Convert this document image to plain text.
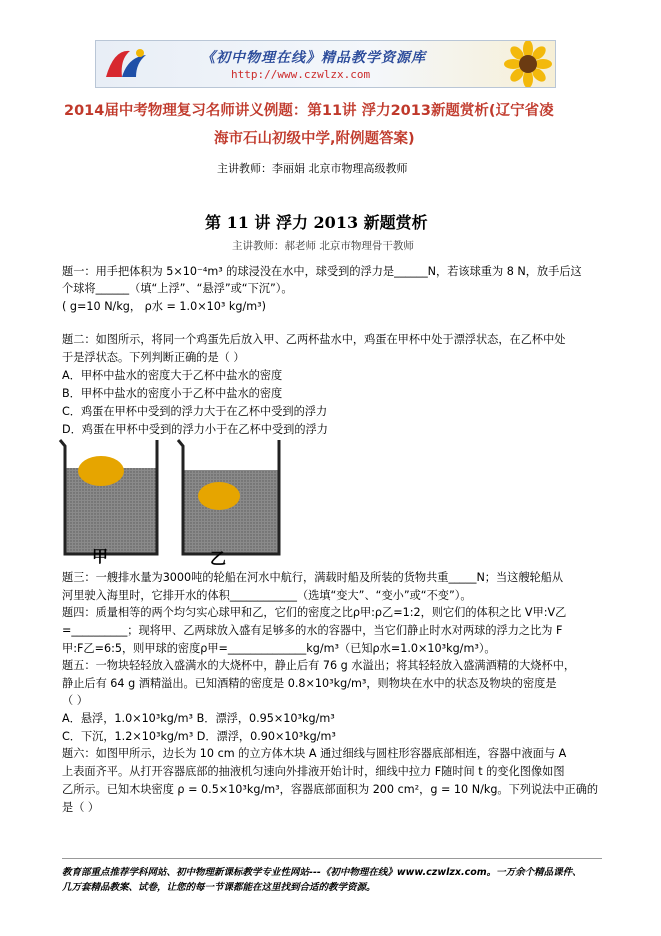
《初中物理在线》精品教学资源库
http://www.czwlzx.com
2014届中考物理复习名师讲义例题：第11讲 浮力2013新题赏析(辽宁省凌
海市石山初级中学,附例题答案)
主讲教师：李丽娟 北京市物理高级教师
第 11 讲 浮力 2013 新题赏析
主讲教师：郝老师 北京市物理骨干教师
题一：用手把体积为 5×10⁻⁴m³ 的球浸没在水中，球受到的浮力是______N，若该球重为 8 N，放手后这
个球将______（填“上浮”、“悬浮”或“下沉”）。
( g=10 N/kg， ρ水 = 1.0×10³ kg/m³)
题二：如图所示，将同一个鸡蛋先后放入甲、乙两杯盐水中，鸡蛋在甲杯中处于漂浮状态，在乙杯中处
于是浮状态。下列判断正确的是（ ）
A．甲杯中盐水的密度大于乙杯中盐水的密度
B．甲杯中盐水的密度小于乙杯中盐水的密度
C．鸡蛋在甲杯中受到的浮力大于在乙杯中受到的浮力
D．鸡蛋在甲杯中受到的浮力小于在乙杯中受到的浮力
甲	乙
题三：一艘排水量为3000吨的轮船在河水中航行，满载时船及所装的货物共重_____N；当这艘轮船从
河里驶入海里时，它排开水的体积____________（选填“变大”、“变小”或“不变”）。
题四：质量相等的两个均匀实心球甲和乙，它们的密度之比ρ甲:ρ乙=1:2，则它们的体积之比 V甲:V乙
=__________；现将甲、乙两球放入盛有足够多的水的容器中，当它们静止时水对两球的浮力之比为 F
甲:F乙=6:5，则甲球的密度ρ甲=______________kg/m³（已知ρ水=1.0×10³kg/m³）。
题五：一物块轻轻放入盛满水的大烧杯中，静止后有 76 g 水溢出；将其轻轻放入盛满酒精的大烧杯中，
静止后有 64 g 酒精溢出。已知酒精的密度是 0.8×10³kg/m³，则物块在水中的状态及物块的密度是
（ ）
A．悬浮，1.0×10³kg/m³ B．漂浮，0.95×10³kg/m³
C．下沉，1.2×10³kg/m³ D．漂浮，0.90×10³kg/m³
题六：如图甲所示，边长为 10 cm 的立方体木块 A 通过细线与圆柱形容器底部相连，容器中液面与 A
上表面齐平。从打开容器底部的抽液机匀速向外排液开始计时，细线中拉力 F随时间 t 的变化图像如图
乙所示。已知木块密度 ρ = 0.5×10³kg/m³，容器底部面积为 200 cm²，g = 10 N/kg。下列说法中正确的
是（ ）
教育部重点推荐学科网站、初中物理新课标教学专业性网站---《初中物理在线》www.czwlzx.com。一万余个精品课件、
几万套精品教案、试卷，让您的每一节课都能在这里找到合适的教学资源。
